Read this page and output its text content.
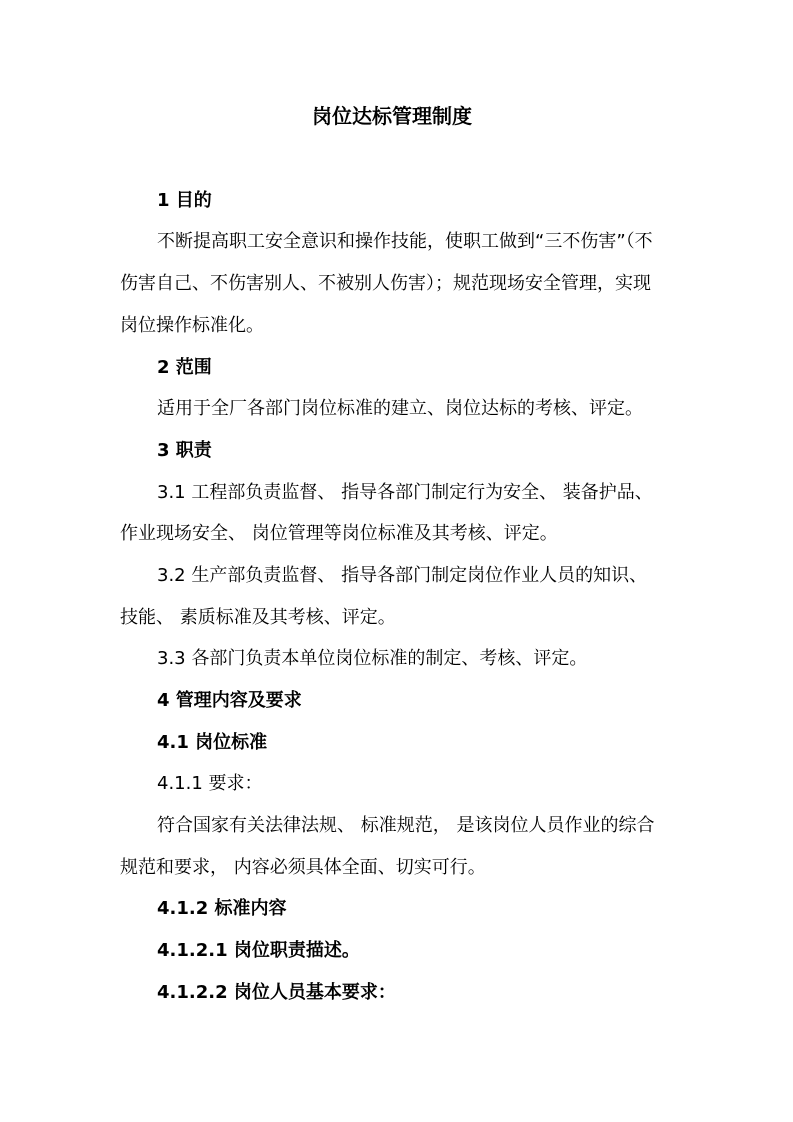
岗位达标管理制度
1 目的
不断提高职工安全意识和操作技能，使职工做到“三不伤害”（不
伤害自己、不伤害别人、不被别人伤害）；规范现场安全管理，实现
岗位操作标准化。
2 范围
适用于全厂各部门岗位标准的建立、岗位达标的考核、评定。
3 职责
3.1 工程部负责监督、 指导各部门制定行为安全、 装备护品、
作业现场安全、 岗位管理等岗位标准及其考核、评定。
3.2 生产部负责监督、 指导各部门制定岗位作业人员的知识、
技能、 素质标准及其考核、评定。
3.3 各部门负责本单位岗位标准的制定、考核、评定。
4 管理内容及要求
4.1 岗位标准
4.1.1 要求：
符合国家有关法律法规、 标准规范， 是该岗位人员作业的综合
规范和要求， 内容必须具体全面、切实可行。
4.1.2 标准内容
4.1.2.1 岗位职责描述。
4.1.2.2 岗位人员基本要求：
